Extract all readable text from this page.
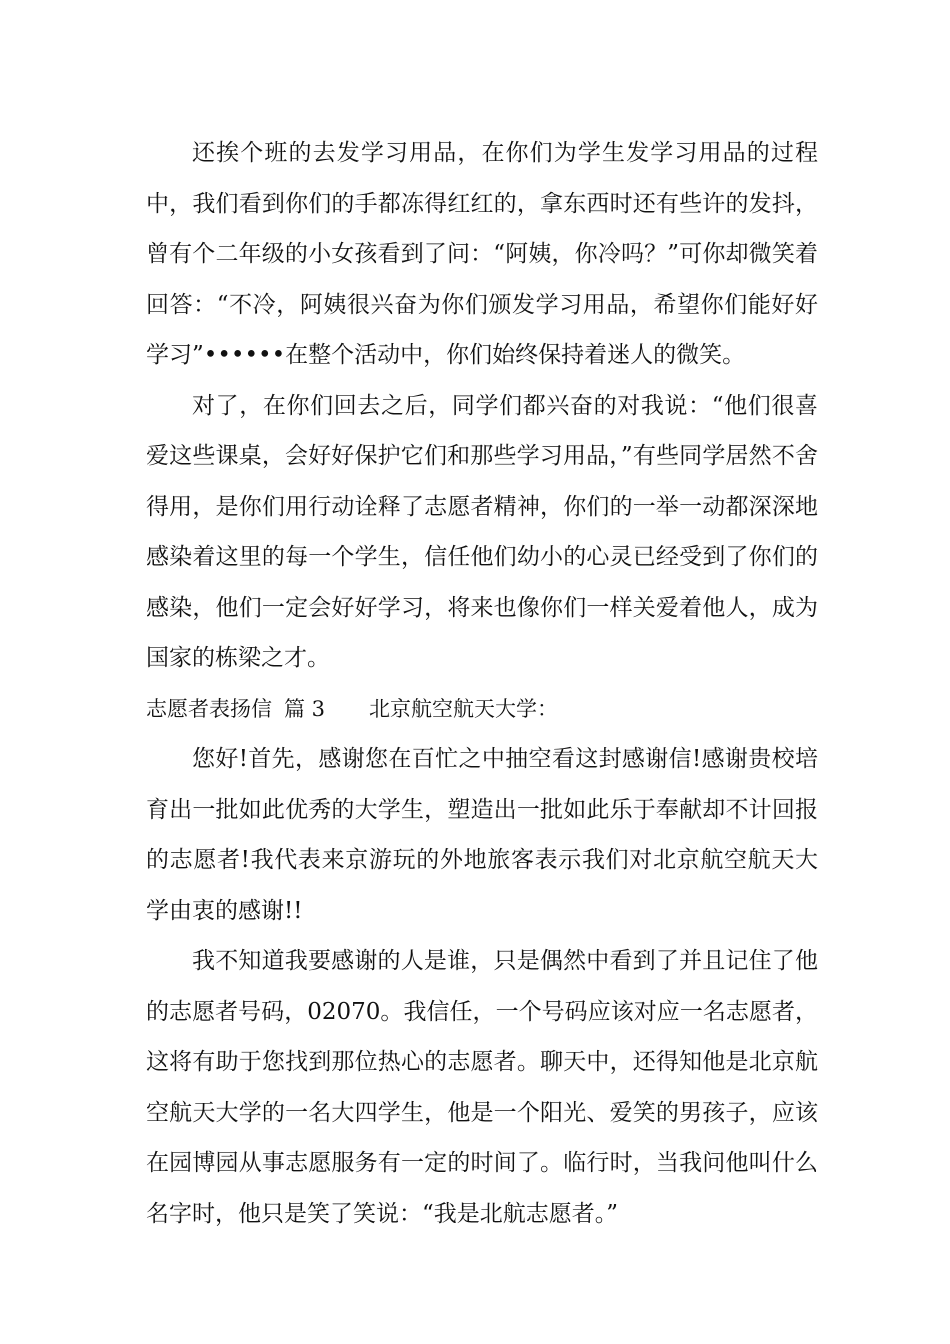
还挨个班的去发学习用品，在你们为学生发学习用品的过程中，我们看到你们的手都冻得红红的，拿东西时还有些许的发抖，曾有个二年级的小女孩看到了问：“阿姨，你冷吗？”可你却微笑着回答：“不冷，阿姨很兴奋为你们颁发学习用品，希望你们能好好学习”••••••在整个活动中，你们始终保持着迷人的微笑。

对了，在你们回去之后，同学们都兴奋的对我说：“他们很喜爱这些课桌，会好好保护它们和那些学习用品，”有些同学居然不舍得用，是你们用行动诠释了志愿者精神，你们的一举一动都深深地感染着这里的每一个学生，信任他们幼小的心灵已经受到了你们的感染，他们一定会好好学习，将来也像你们一样关爱着他人，成为国家的栋梁之才。

志愿者表扬信 篇 3 北京航空航天大学：

您好!首先，感谢您在百忙之中抽空看这封感谢信!感谢贵校培育出一批如此优秀的大学生，塑造出一批如此乐于奉献却不计回报的志愿者!我代表来京游玩的外地旅客表示我们对北京航空航天大学由衷的感谢!!

我不知道我要感谢的人是谁，只是偶然中看到了并且记住了他的志愿者号码，02070。我信任，一个号码应该对应一名志愿者，这将有助于您找到那位热心的志愿者。聊天中，还得知他是北京航空航天大学的一名大四学生，他是一个阳光、爱笑的男孩子，应该在园博园从事志愿服务有一定的时间了。临行时，当我问他叫什么名字时，他只是笑了笑说：“我是北航志愿者。”
